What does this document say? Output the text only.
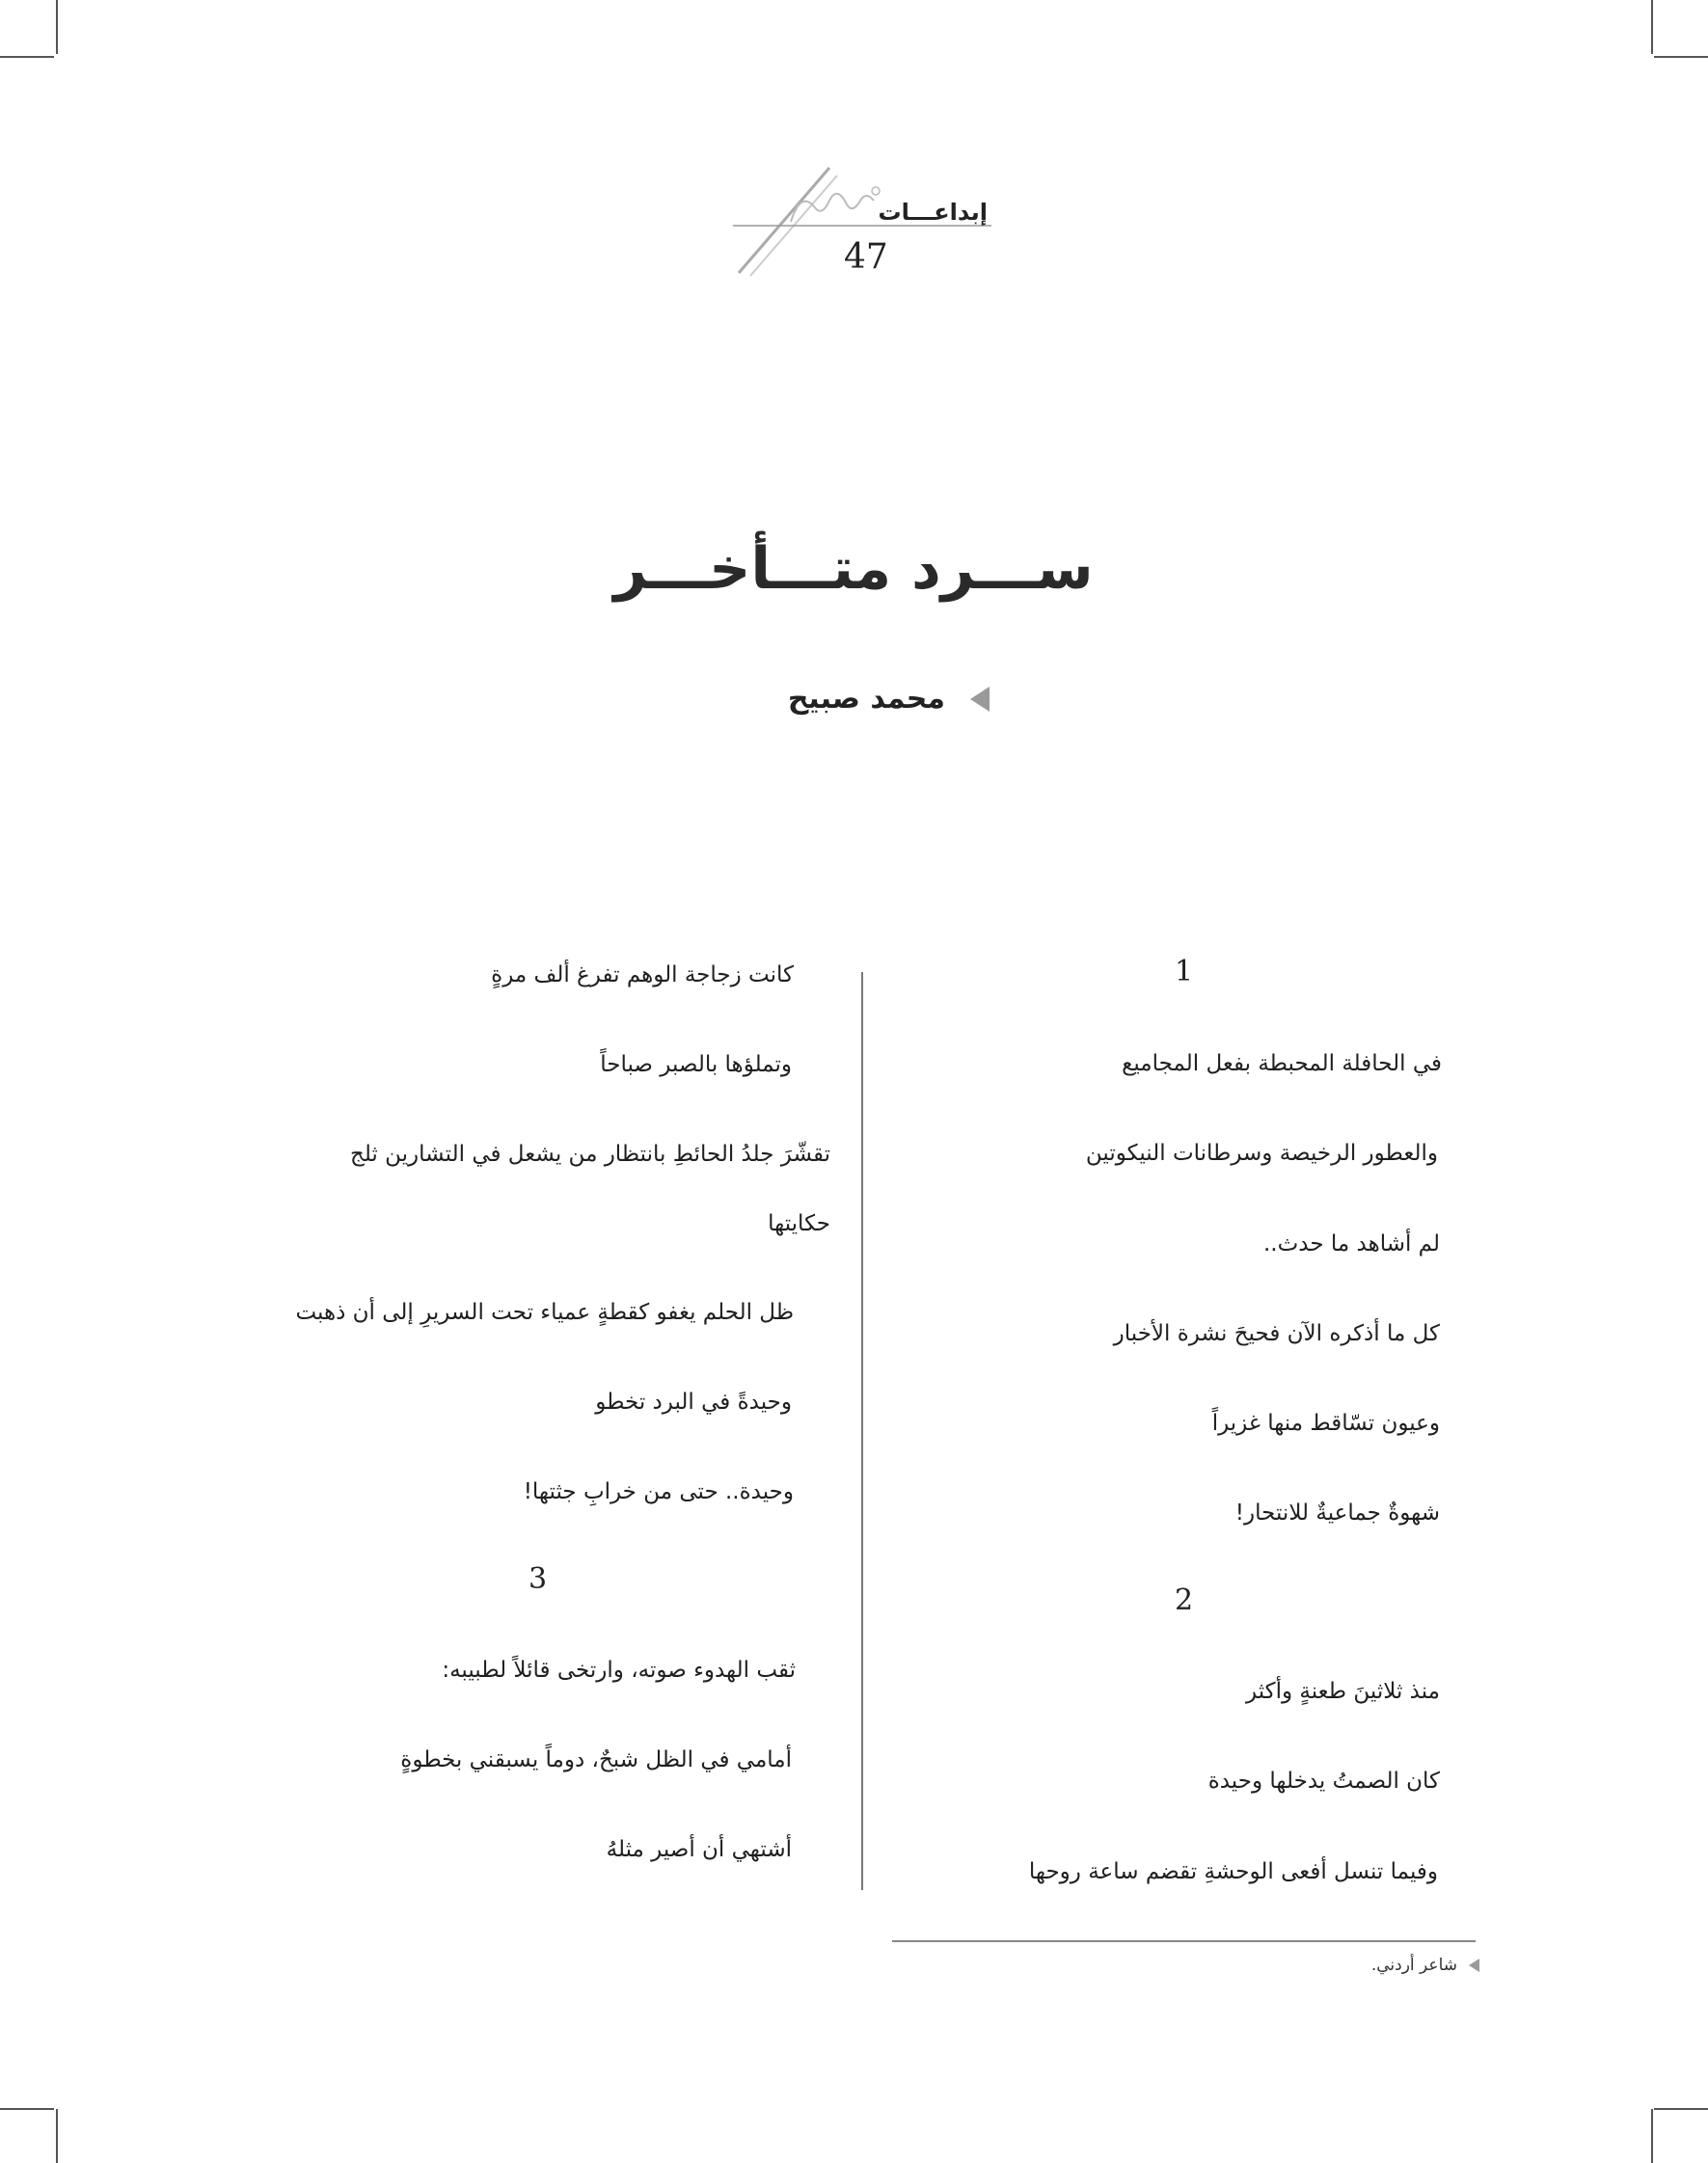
إبداعـــات
47
ســـرد متـــأخـــر
محمد صبيح
1
في الحافلة المحبطة بفعل المجاميع
والعطور الرخيصة وسرطانات النيكوتين
لم أشاهد ما حدث..
كل ما أذكره الآن فحيحَ نشرة الأخبار
وعيون تسّاقط منها غزيراً
شهوةٌ جماعيةٌ للانتحار!
2
منذ ثلاثينَ طعنةٍ وأكثر
كان الصمتُ يدخلها وحيدة
وفيما تنسل أفعى الوحشةِ تقضم ساعة روحها
كانت زجاجة الوهم تفرغ ألف مرةٍ
وتملؤها بالصبر صباحاً
تقشّرَ جلدُ الحائطِ بانتظار من يشعل في التشارين ثلج
حكايتها
ظل الحلم يغفو كقطةٍ عمياء تحت السريرِ إلى أن ذهبت
وحيدةً في البرد تخطو
وحيدة.. حتى من خرابِ جثتها!
3
ثقب الهدوء صوته، وارتخى قائلاً لطبيبه:
أمامي في الظل شبحٌ، دوماً يسبقني بخطوةٍ
أشتهي أن أصير مثلهُ
شاعر أردني.
